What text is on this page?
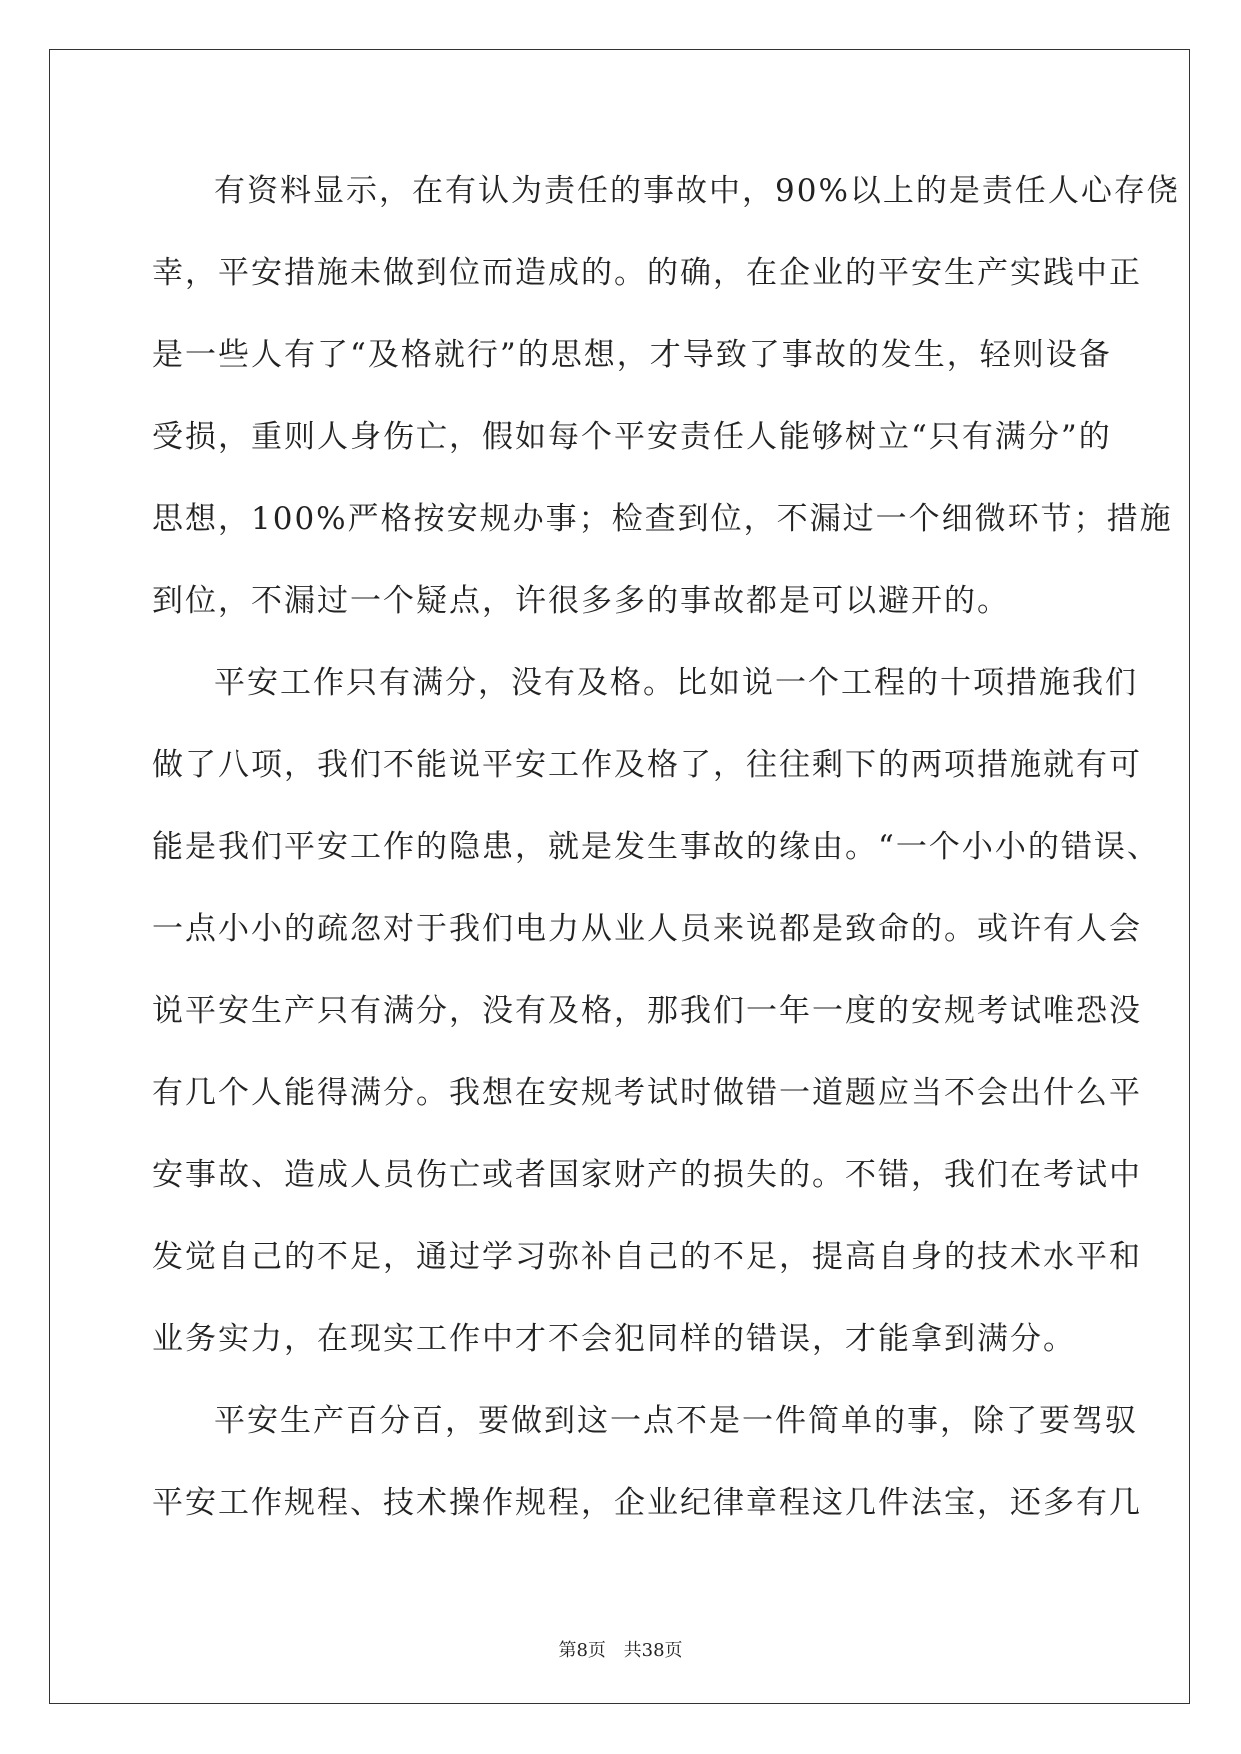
有资料显示，在有认为责任的事故中，90%以上的是责任人心存侥
幸，平安措施未做到位而造成的。的确，在企业的平安生产实践中正
是一些人有了“及格就行”的思想，才导致了事故的发生，轻则设备
受损，重则人身伤亡，假如每个平安责任人能够树立“只有满分”的
思想，100%严格按安规办事；检查到位，不漏过一个细微环节；措施
到位，不漏过一个疑点，许很多多的事故都是可以避开的。
平安工作只有满分，没有及格。比如说一个工程的十项措施我们
做了八项，我们不能说平安工作及格了，往往剩下的两项措施就有可
能是我们平安工作的隐患，就是发生事故的缘由。“一个小小的错误、
一点小小的疏忽对于我们电力从业人员来说都是致命的。或许有人会
说平安生产只有满分，没有及格，那我们一年一度的安规考试唯恐没
有几个人能得满分。我想在安规考试时做错一道题应当不会出什么平
安事故、造成人员伤亡或者国家财产的损失的。不错，我们在考试中
发觉自己的不足，通过学习弥补自己的不足，提高自身的技术水平和
业务实力，在现实工作中才不会犯同样的错误，才能拿到满分。
平安生产百分百，要做到这一点不是一件简单的事，除了要驾驭
平安工作规程、技术操作规程，企业纪律章程这几件法宝，还多有几
第8页 共38页
